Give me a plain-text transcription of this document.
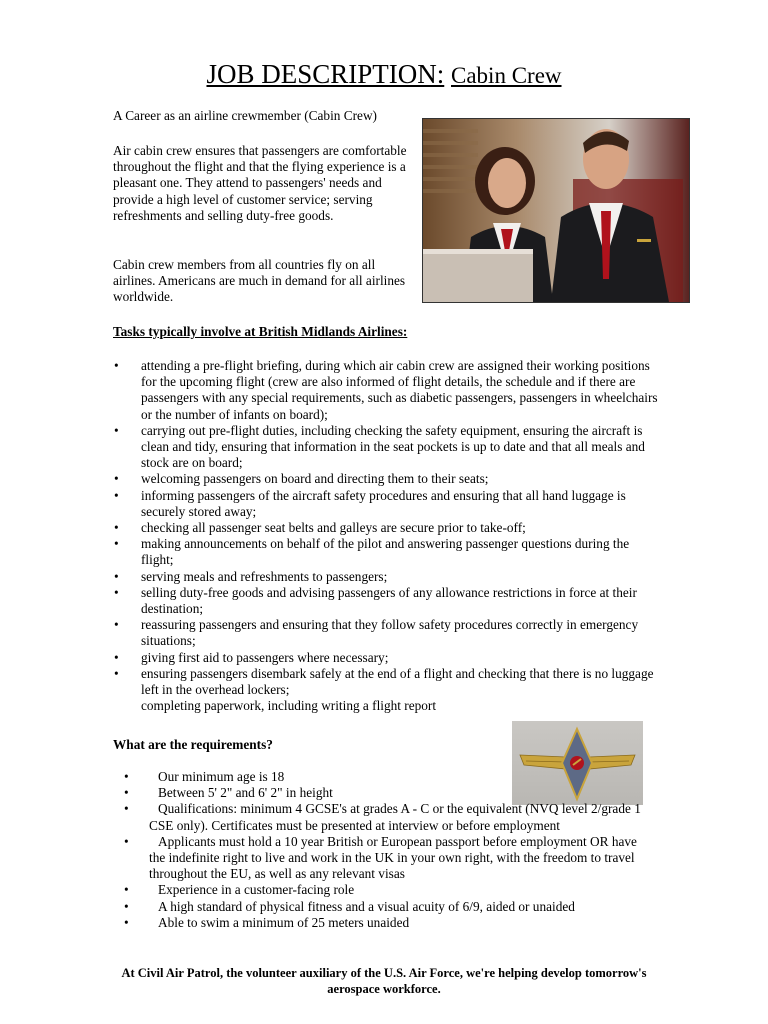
JOB DESCRIPTION: Cabin Crew
A Career as an airline crewmember (Cabin Crew)
Air cabin crew ensures that passengers are comfortable throughout the flight and that the flying experience is a pleasant one. They attend to passengers' needs and provide a high level of customer service; serving refreshments and selling duty-free goods.
Cabin crew members from all countries fly on all airlines. Americans are much in demand for all airlines worldwide.
Tasks typically involve at British Midlands Airlines:
• attending a pre-flight briefing, during which air cabin crew are assigned their working positions for the upcoming flight (crew are also informed of flight details, the schedule and if there are passengers with any special requirements, such as diabetic passengers, passengers in wheelchairs or the number of infants on board);
• carrying out pre-flight duties, including checking the safety equipment, ensuring the aircraft is clean and tidy, ensuring that information in the seat pockets is up to date and that all meals and stock are on board;
• welcoming passengers on board and directing them to their seats;
• informing passengers of the aircraft safety procedures and ensuring that all hand luggage is securely stored away;
• checking all passenger seat belts and galleys are secure prior to take-off;
• making announcements on behalf of the pilot and answering passenger questions during the flight;
• serving meals and refreshments to passengers;
• selling duty-free goods and advising passengers of any allowance restrictions in force at their destination;
• reassuring passengers and ensuring that they follow safety procedures correctly in emergency situations;
• giving first aid to passengers where necessary;
• ensuring passengers disembark safely at the end of a flight and checking that there is no luggage left in the overhead lockers;
completing paperwork, including writing a flight report
What are the requirements?
• Our minimum age is 18
• Between 5' 2" and 6' 2" in height
• Qualifications: minimum 4 GCSE's at grades A - C or the equivalent (NVQ level 2/grade 1 CSE only). Certificates must be presented at interview or before employment
• Applicants must hold a 10 year British or European passport before employment OR have the indefinite right to live and work in the UK in your own right, with the freedom to travel throughout the EU, as well as any relevant visas
• Experience in a customer-facing role
• A high standard of physical fitness and a visual acuity of 6/9, aided or unaided
• Able to swim a minimum of 25 meters unaided
At Civil Air Patrol, the volunteer auxiliary of the U.S. Air Force, we're helping develop tomorrow's aerospace workforce.
